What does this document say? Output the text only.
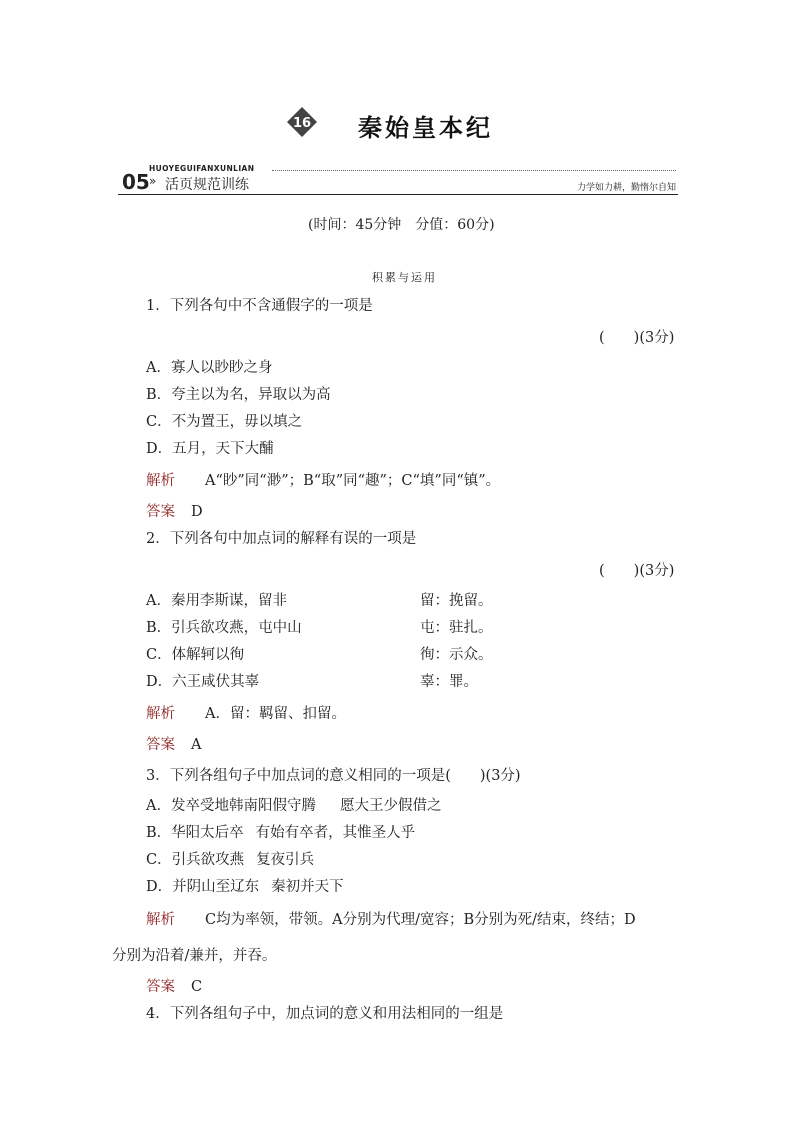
16 秦始皇本纪
05 »
HUOYEGUIFANXUNLIAN
活页规范训练	力学如力耕，勤惰尔自知
(时间：45分钟　分值：60分)
积累与运用
1．下列各句中不含通假字的一项是
(　　)(3分)
A．寡人以眇眇之身
B．夸主以为名，异取以为高
C．不为置王，毋以填之
D．五月，天下大酺
解析 A“眇”同“渺”；B“取”同“趣”；C“填”同“镇”。
答案 D
2．下列各句中加点词的解释有误的一项是
(　　)(3分)
A．秦用李斯谋，留非	留：挽留。
B．引兵欲攻燕，屯中山	屯：驻扎。
C．体解轲以徇	徇：示众。
D．六王咸伏其辜	辜：罪。
解析 A．留：羁留、扣留。
答案 A
3．下列各组句子中加点词的意义相同的一项是(　　)(3分)
A．发卒受地韩南阳假守腾 愿大王少假借之
B．华阳太后卒 有始有卒者，其惟圣人乎
C．引兵欲攻燕 复夜引兵
D．并阴山至辽东 秦初并天下
解析 C均为率领，带领。A分别为代理/宽容；B分别为死/结束，终结；D
分别为沿着/兼并，并吞。
答案 C
4．下列各组句子中，加点词的意义和用法相同的一组是
